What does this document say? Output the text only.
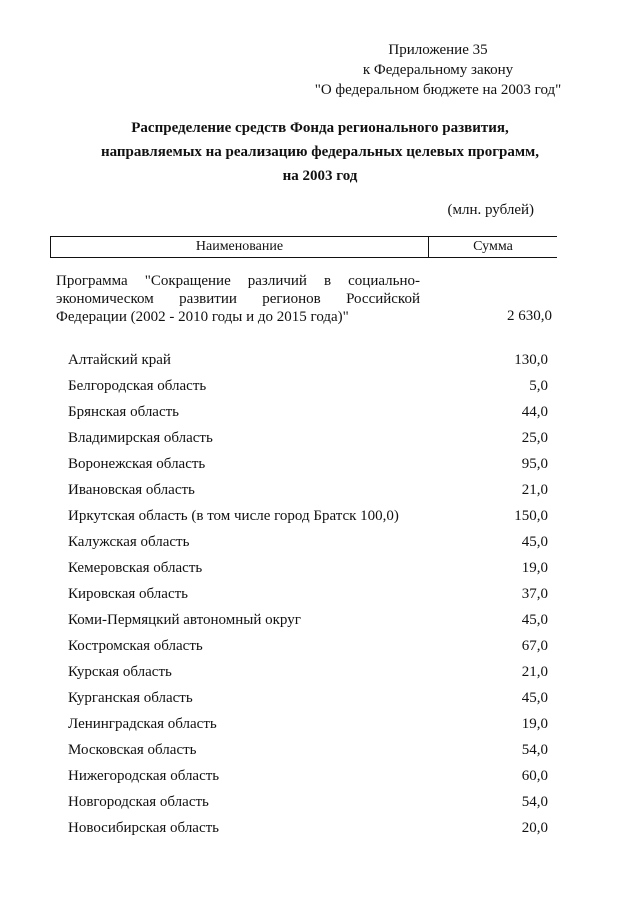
Приложение 35
к Федеральному закону
"О федеральном бюджете на 2003 год"
Распределение средств Фонда регионального развития,
направляемых на реализацию федеральных целевых программ,
на 2003 год
(млн. рублей)
Наименование	Сумма
Программа "Сокращение различий в социально-экономическом развитии регионов Российской Федерации (2002 - 2010 годы и до 2015 года)"	2 630,0
Алтайский край	130,0
Белгородская область	5,0
Брянская область	44,0
Владимирская область	25,0
Воронежская область	95,0
Ивановская область	21,0
Иркутская область (в том числе город Братск 100,0)	150,0
Калужская область	45,0
Кемеровская область	19,0
Кировская область	37,0
Коми-Пермяцкий автономный округ	45,0
Костромская область	67,0
Курская область	21,0
Курганская область	45,0
Ленинградская область	19,0
Московская область	54,0
Нижегородская область	60,0
Новгородская область	54,0
Новосибирская область	20,0
